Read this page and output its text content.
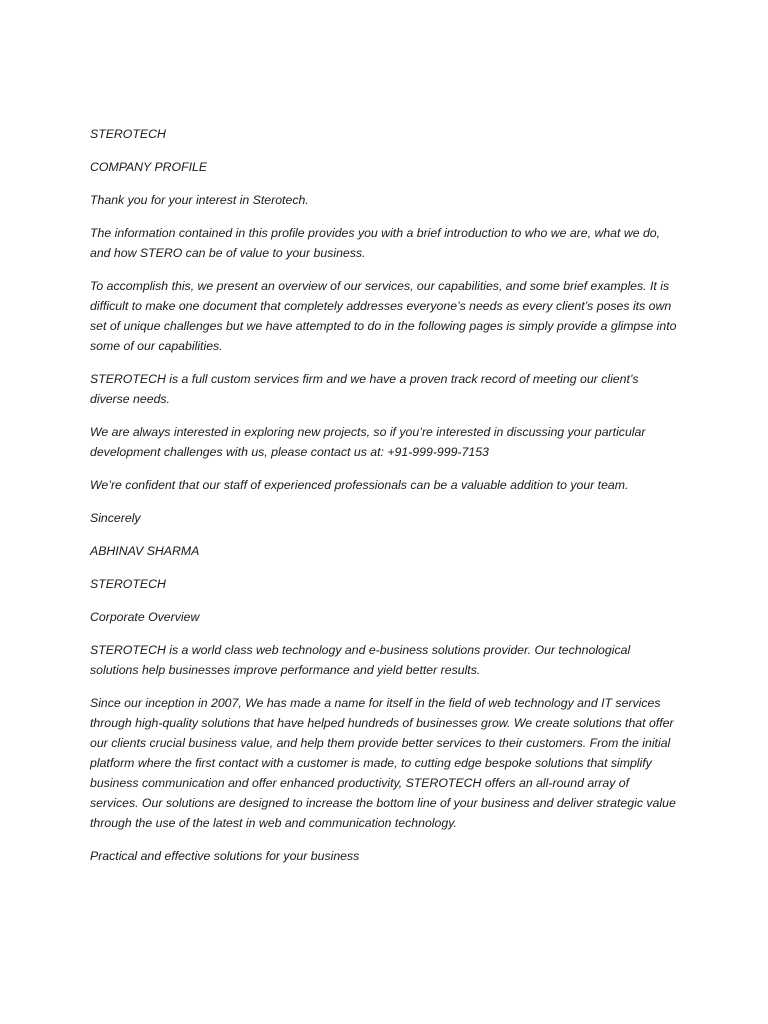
STEROTECH

COMPANY PROFILE

Thank you for your interest in Sterotech.

The information contained in this profile provides you with a brief introduction to who we are, what we do, and how STERO can be of value to your business.

To accomplish this, we present an overview of our services, our capabilities, and some brief examples. It is difficult to make one document that completely addresses everyone’s needs as every client’s poses its own set of unique challenges but we have attempted to do in the following pages is simply provide a glimpse into some of our capabilities.

STEROTECH is a full custom services firm and we have a proven track record of meeting our client’s diverse needs.

We are always interested in exploring new projects, so if you’re interested in discussing your particular development challenges with us, please contact us at: +91-999-999-7153

We’re confident that our staff of experienced professionals can be a valuable addition to your team.

Sincerely

ABHINAV SHARMA

STEROTECH

Corporate Overview

STEROTECH is a world class web technology and e-business solutions provider. Our technological solutions help businesses improve performance and yield better results.

Since our inception in 2007, We has made a name for itself in the field of web technology and IT services through high-quality solutions that have helped hundreds of businesses grow. We create solutions that offer our clients crucial business value, and help them provide better services to their customers. From the initial platform where the first contact with a customer is made, to cutting edge bespoke solutions that simplify business communication and offer enhanced productivity, STEROTECH offers an all-round array of services. Our solutions are designed to increase the bottom line of your business and deliver strategic value through the use of the latest in web and communication technology.

Practical and effective solutions for your business
